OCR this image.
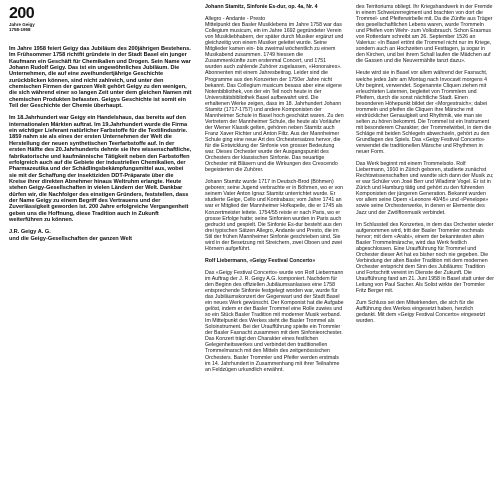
200
Jahre Geigy
1758-1958

Im Jahre 1958 feiert Geigy das Jubiläum des 200jährigen Bestehens. Im Frühsommer 1758 richtfit gründete in der Stadt Basel ein junger Kaufmann ein Geschäft für Chemikalien und Drogen. Sein Name war Johann Rudolf Geigy. Das ist ein ungewöhnliches Jubiläum. Die Unternehmen, die auf eine zweihundertjährige Geschichte zurückblicken können, sind nicht zahlreich, und unter den chemischen Firmen der ganzen Welt gehört Geigy zu den wenigen, die sich während einer so langen Zeit unter dem gleichen Namen mit chemischen Produkten befassten. Geigys Geschichte ist somit ein Teil der Geschichte der Chemie überhaupt.

Im 18.Jahrhundert war Geigy ein Handelshaus, das bereits auf den internationalen Märkten auftrat. Im 19.Jahrhundert wurde die Firma ein wichtiger Lieferant natürlicher Farbstoffe für die Textilindustrie. 1859 nahm sie als eines der ersten Unternehmen der Welt die Herstellung der neuen synthetischen Teerfarbstoffe auf. In der ersten Hälfte des 20.Jahrhunderts dehnte sie ihre wissenschaftliche, fabrikatorische und kaufmännische Tätigkeit neben den Farbstoffen erfolgreich auch auf die Gebiete der industriellen Chemikalien, der Pharmazeutika und der Schädlingsbekämpfungsmittel aus, wobei sie mit der Schaffung der insektiziden DDT-Präparate über die Kreise ihrer direkten Abnehmer hinaus Weltruhm erlangte. Heute stehen Geigy-Gesellschaften in vielen Ländern der Welt. Dankbar dürfen wir, die Nachfolger des einstigen Gründers, feststellen, dass der Name Geigy zu einem Begriff des Vertrauens und der Zuverlässigkeit geworden ist. 200 Jahre erfolgreiche Vergangenheit geben uns die Hoffnung, diese Tradition auch in Zukunft weiterführen zu können.

J.R. Geigy A. G.
und die Geigy-Gesellschaften der ganzen Welt

Johann Stamitz, Sinfonie Es-dur, op. 4a, Nr. 4

Allegro - Andante - Presto

Mittelpunkt des Basler Musiklebens im Jahre 1758 war das Collegium musicum, ein im Jahre 1692 gegründeter Verein von Musikliebhabern, der später durch Musiker ergänzt und gleichzeitig von einem Musiker geleitet wurde. Seine Mitglieder kamen ein- bis zweimal wöchentlich zu einem Musikabend zusammen. 1749 hiessen die Zusammenkünfte zum erstenmal Concert, und 1751 wurden auch zahlende Zuhörer zugelassen, «Honoraires». Abonnenten mit einem Jahresbeitrag. Leider sind die Programme aus den Konzerten der 1750er Jahre nicht bekannt. Das Collegium musicum besass aber eine eigene Notenbibliothek, von der ein Teil noch heute in der Universitätsbibliothek Basel aufbewahrt wird. Die erhaltenen Werke zeigen, dass im 18. Jahrhundert Johann Stamitz (1717-1757) und andere Komponisten der Mannheimer Schule in Basel hoch geschätzt waren. Zu den Vertretern der Mannheimer Schule, die heute als Vorläufer der Wiener Klassik gelten, gehören neben Stamitz auch Franz Xaver Richter und Anton Filtz. Aus der Mannheimer Schule ging eine neue Art des Orchestersatzes hervor, die für die Entwicklung der Sinfonie von grosser Bedeutung war. Dieses Orchester wurde der Ausgangspunkt des Orchesters der klassischen Sinfonie. Das neuartige Orchester mit Bläsern und die Wirkungen des Crescendo begeisterten die Zuhörer.

Johann Stamitz wurde 1717 in Deutsch-Brod (Böhmen) geboren; seine Jugend verbrachte er in Böhmen, wo er von seinem Vater Anton Ignaz Stamitz unterrichtet wurde. Er studierte Geige, Cello und Kontrabass; vom Jahre 1741 an war er Mitglied der Mannheimer Hofkapelle, die er 1745 als Konzertmeister leitete. 1754/55 reiste er nach Paris, wo er grosse Erfolge hatte; seine Sinfonien wurden in Paris auch gedruckt und gespielt. Die Sinfonie Es-dur besteht aus den drei typischen Sätzen Allegro, Andante und Presto, die im Stil der frühen Mannheimer Sinfonie geschrieben sind. Sie wird in der Besetzung mit Streichern, zwei Oboen und zwei Hörnern aufgeführt.

Rolf Liebermann, «Geigy Festival Concerto»

Das «Geigy Festival Concerto» wurde von Rolf Liebermann im Auftrag der J. R. Geigy A.G. komponiert. Nachdem für den Beginn des offiziellen Jubiläumsanlasses eine 1758 entsprechende Sinfonie festgelegt worden war, wurde für das Jubiläumskonzert der Gegenwart und der Stadt Basel ein neues Werk gewünscht. Der Komponist hat die Aufgabe gelöst, indem er der Basler Trommel eine Rolle zuwies und so ein Stück Basler Tradition mit moderner Musik verband. Im Mittelpunkt des Werkes steht die Basler Trommel als Soloinstrument. Bei der Uraufführung spielte ein Trommler der Basler Fasnacht zusammen mit dem Sinfonieorchester. Das Konzert trägt den Charakter eines festlichen Gelegenheitswerkes und verbindet den traditionellen Trommelmarsch mit den Mitteln des zeitgenössischen Orchesters. Basler Trommler und Pfeifer werden erstmals im 14. Jahrhundert in Zusammenhang mit ihrer Teilnahme an Feldzügen urkundlich erwähnt.

des Territoriums obliegt. Ihr Kriegshandwerk in der Fremde in einem Schweizerregiment und brachten von dort die Trommel- und Pfeiferwirbelle mit. Da die Zünfte aus Träger des gesellschaftlichen Lebens waren, wurde Trommeln und Pfeifen vom Wehr- zum Volksbrauch. Schon Erasmus von Rotterdam schreibt am 26. September 1526 an Valerius: «In Basel ertönt die Trommel nicht nur im Kriege, sondern auch an Hochzeiten und Festtagen, ja sogar in den Kirchen, und bei ihrem Schall laufen die Mädchen auf die Gassen und die Neuvermählte tanzt dazu».

Heute wird sie in Basel vor allem während der Fasnacht, welche jedes Jahr am Montag nach Invocavit morgens 4 Uhr beginnt, verwendet. Sogenannte Cliquen ziehen mit erleuchteten Laternen, begleitet von Trommlern und Pfeifern, durch die sonst nächtliche Stadt. Einen besonderen Höhepunkt bildet der «Morgestraich»; dabei trommeln und pfeifen die Cliquen ihre Märsche mit eindrücklicher Genauigkeit und Rhythmik, wie man sie selten zu hören bekommt. Die Trommel ist ein Instrument mit besonderem Charakter; der Trommelwirbel, in dem die Schläge mit beiden Schlegeln abwechseln, gehört zu den Grundlagen des Spiels. Das «Geigy Festival Concerto» verwendet die traditionellen Märsche und Rhythmen in neuer Form.

Das Werk beginnt mit einem Trommelsolo. Rolf Liebermann, 1910 in Zürich geboren, studierte zunächst Rechtswissenschaften und wandte sich dann der Musik zu; er war Schüler von José Berr und Wladimir Vogel. Er ist in Zürich und Hamburg tätig und gehört zu den führenden Komponisten der jüngeren Generation. Bekannt wurden vor allem seine Opern «Leonore 40/45» und «Penelope» sowie seine Orchesterwerke, in denen er Elemente des Jazz und der Zwölftonmusik verbindet.

Im Schlussteil des Konzertes, in dem das Orchester wieder aufgenommen wird, tritt der Basler Trommler nochmals hervor; mit dem «Arabi», einem der bekanntesten alten Basler Trommelmärsche, wird das Werk festlich abgeschlossen. Eine Uraufführung für Trommel und Orchester dieser Art hat es bisher noch nie gegeben. Die Verbindung der alten Basler Tradition mit dem modernen Orchester entspricht dem Sinn des Jubiläums: Tradition und Fortschritt vereint im Dienste der Zukunft. Die Uraufführung fand am 21. Juni 1958 in Basel statt unter der Leitung von Paul Sacher. Als Solist wirkte der Trommler Fritz Berger mit.

Zum Schluss sei den Mitwirkenden, die sich für die Aufführung des Werkes eingesetzt haben, herzlich gedankt. Mit dem «Geigy Festival Concerto» eingesetzt wurden.
